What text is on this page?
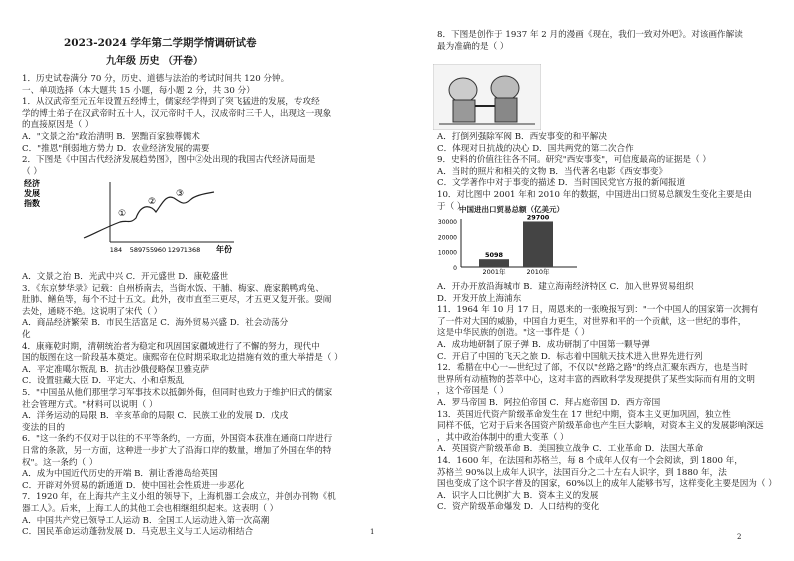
2023-2024 学年第二学期学情调研试卷
九年级 历史 （开卷）
1．历史试卷满分 70 分，历史、道德与法治的考试时间共 120 分钟。
一、单项选择（本大题共 15 小题，每小题 2 分，共 30 分）
1．从汉武帝至元五年设置五经博士，儒家经学得到了突飞猛进的发展，专攻经
学的博士弟子在汉武帝时五十人，汉元帝时千人，汉成帝时三千人，出现这一现象
的直接原因是（ ）
A．"文景之治"政治清明 B．罢黜百家独尊儒术
C．"推恩"削弱地方势力 D．农业经济发展的需要
2．下图是《中国古代经济发展趋势图》，图中②处出现的我国古代经济局面是
（ ）
A．文景之治 B．光武中兴 C．开元盛世 D．康乾盛世
3．《东京梦华录》记载：自州桥南去，当街水饭、干脯、梅家、鹿家鹅鸭鸡兔、
肚肺、鳝鱼等，每个不过十五文。此外，夜市直至三更尽，才五更又复开张。耍闹
去处，通晓不绝。这说明了宋代（ ）
A．商品经济繁荣 B．市民生活富足 C．海外贸易兴盛 D．社会动荡分
化
4．康雍乾时期，清朝统治者为稳定和巩固国家疆域进行了不懈的努力，现代中
国的版图在这一阶段基本奠定。康熙帝在位时期采取北边措施有效的重大举措是（ ）
A．平定准噶尔叛乱 B．抗击沙俄侵略保卫雅克萨
C．设置驻藏大臣 D．平定大、小和卓叛乱
5．"中国虽从他们那里学习军事技术以抵御外侮，但同时也致力于维护旧式的儒家
社会管理方式。"材料可以说明（ ）
A．洋务运动的局限 B．辛亥革命的局限 C．民族工业的发展 D．戊戌
变法的目的
6．"这一条约不仅对于以往的不平等条约，一方面，外国资本获准在通商口岸进行
日常的条款，另一方面，这种进一步扩大了沿海口岸的数量，增加了外国在华的特
权"。这一条约（ ）
A．成为中国近代历史的开端 B．割让香港岛给英国
C．开辟对外贸易的新通道 D．使中国社会性质进一步恶化
7．1920 年，在上海共产主义小组的领导下，上海机器工会成立，并创办刊物《机
器工人》。后来，上海工人的其他工会也相继组织起来。这表明（ ）
A．中国共产党已领导工人运动 B．全国工人运动进入第一次高潮
C．国民革命运动蓬勃发展 D．马克思主义与工人运动相结合
经济
发展
指数
①
②
③
184 589 755 960 1297 1368 年份
1
8．下图是创作于 1937 年 2 月的漫画《现在，我们一致对外吧》。对该画作解读
最为准确的是（ ）
A．打倒列强除军阀 B．西安事变的和平解决
C．体现对日抗战的决心 D．国共两党的第二次合作
9．史料的价值往往各不同。研究"西安事变"，可信度最高的证据是（ ）
A．当时的照片和相关的文物 B．当代著名电影《西安事变》
C．文学著作中对于事变的描述 D．当时国民党官方报的新闻报道
10．对比图中 2001 年和 2010 年的数据，中国进出口贸易总额发生变化主要是由
于（ ）
A．开办开放沿海城市 B．建立海南经济特区 C．加入世界贸易组织
D．开发开放上海浦东
11．1964 年 10 月 17 日，周恩来的一张晚报写到："一个中国人的国家第一次拥有
了一件对大国的威胁，中国自力更生，对世界和平的一个贡献，这一世纪的事件，
这是中华民族的创造。"这一事件是（ ）
A．成功地研制了原子弹 B．成功研制了中国第一颗导弹
C．开启了中国的飞天之旅 D．标志着中国航天技术进入世界先进行列
12．希腊在中心一—世纪过了部，不仅以"丝路之路"的终点汇聚东西方，也是当时
世界所有动植物的荟萃中心，这对丰富的西欧科学发现提供了某些实际而有用的文明
，这个帝国是（ ）
A．罗马帝国 B．阿拉伯帝国 C．拜占庭帝国 D．西方帝国
13．英国近代资产阶级革命发生在 17 世纪中期，资本主义更加巩固，独立性
同样不低，它对于后来各国资产阶级革命也产生巨大影响，对资本主义的发展影响深远
，其中政治体制中的重大变革（ ）
A．英国资产阶级革命 B．美国独立战争 C．工业革命 D．法国大革命
14．1600 年，在法国和苏格兰，每 8 个成年人仅有一个会阅读，到 1800 年，
苏格兰 90%以上成年人识字，法国百分之二十左右人识字，到 1880 年，法
国也变成了这个识字普及的国家，60%以上的成年人能够书写，这样变化主要是因为（ ）
A．识字人口比例扩大 B．资本主义的发展
C．资产阶级革命爆发 D．人口结构的变化
中国进出口贸易总额（亿美元）
30000
20000
10000
0
5098
2001年
29700
2010年
2
